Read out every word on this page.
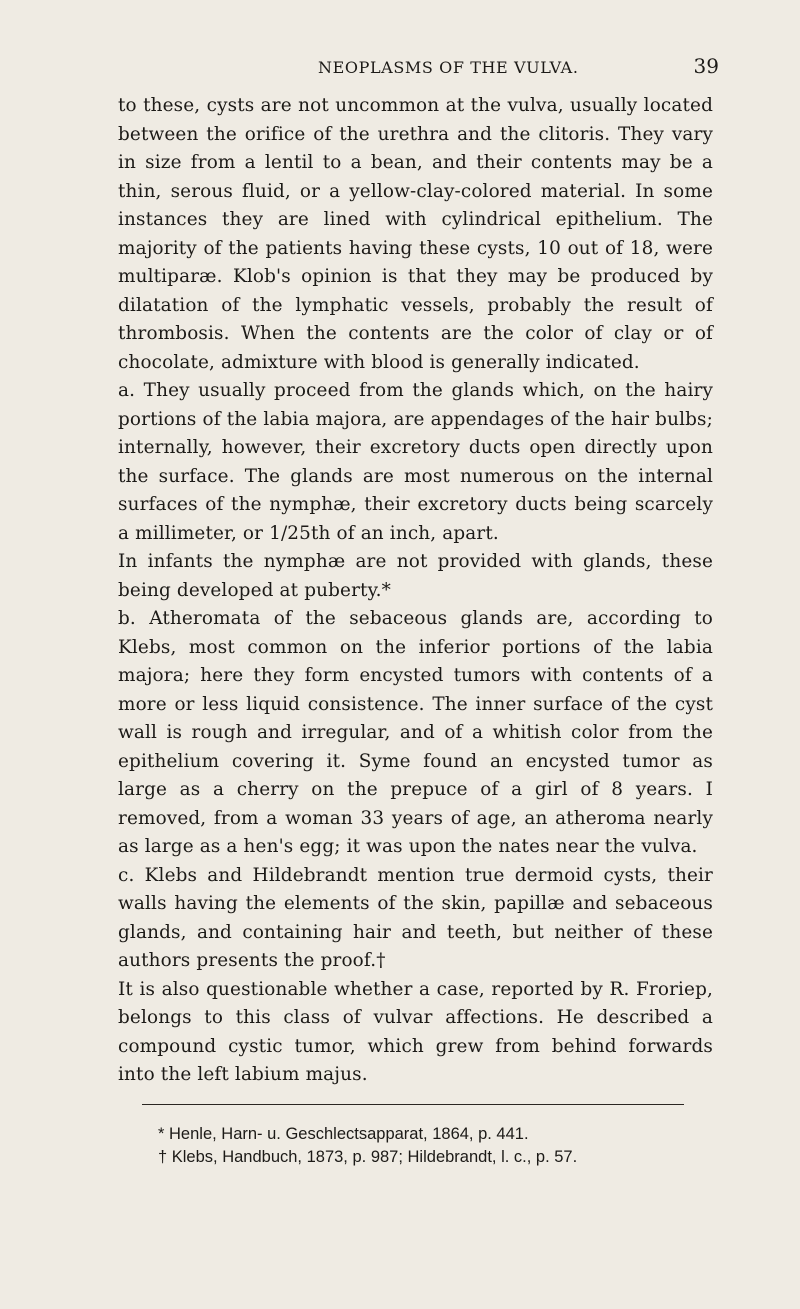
NEOPLASMS OF THE VULVA.	39

to these, cysts are not uncommon at the vulva, usually located between the orifice of the urethra and the clitoris. They vary in size from a lentil to a bean, and their contents may be a thin, serous fluid, or a yellow-clay-colored material. In some instances they are lined with cylindrical epithelium. The majority of the patients having these cysts, 10 out of 18, were multiparæ. Klob's opinion is that they may be produced by dilatation of the lymphatic vessels, probably the result of thrombosis. When the contents are the color of clay or of chocolate, admixture with blood is generally indicated.

a. They usually proceed from the glands which, on the hairy portions of the labia majora, are appendages of the hair bulbs; internally, however, their excretory ducts open directly upon the surface. The glands are most numerous on the internal surfaces of the nymphæ, their excretory ducts being scarcely a millimeter, or 1/25th of an inch, apart.

In infants the nymphæ are not provided with glands, these being developed at puberty.*

b. Atheromata of the sebaceous glands are, according to Klebs, most common on the inferior portions of the labia majora; here they form encysted tumors with contents of a more or less liquid consistence. The inner surface of the cyst wall is rough and irregular, and of a whitish color from the epithelium covering it. Syme found an encysted tumor as large as a cherry on the prepuce of a girl of 8 years. I removed, from a woman 33 years of age, an atheroma nearly as large as a hen's egg; it was upon the nates near the vulva.

c. Klebs and Hildebrandt mention true dermoid cysts, their walls having the elements of the skin, papillæ and sebaceous glands, and containing hair and teeth, but neither of these authors presents the proof.†

It is also questionable whether a case, reported by R. Froriep, belongs to this class of vulvar affections. He described a compound cystic tumor, which grew from behind forwards into the left labium majus.

* Henle, Harn- u. Geschlectsapparat, 1864, p. 441.

† Klebs, Handbuch, 1873, p. 987; Hildebrandt, l. c., p. 57.
